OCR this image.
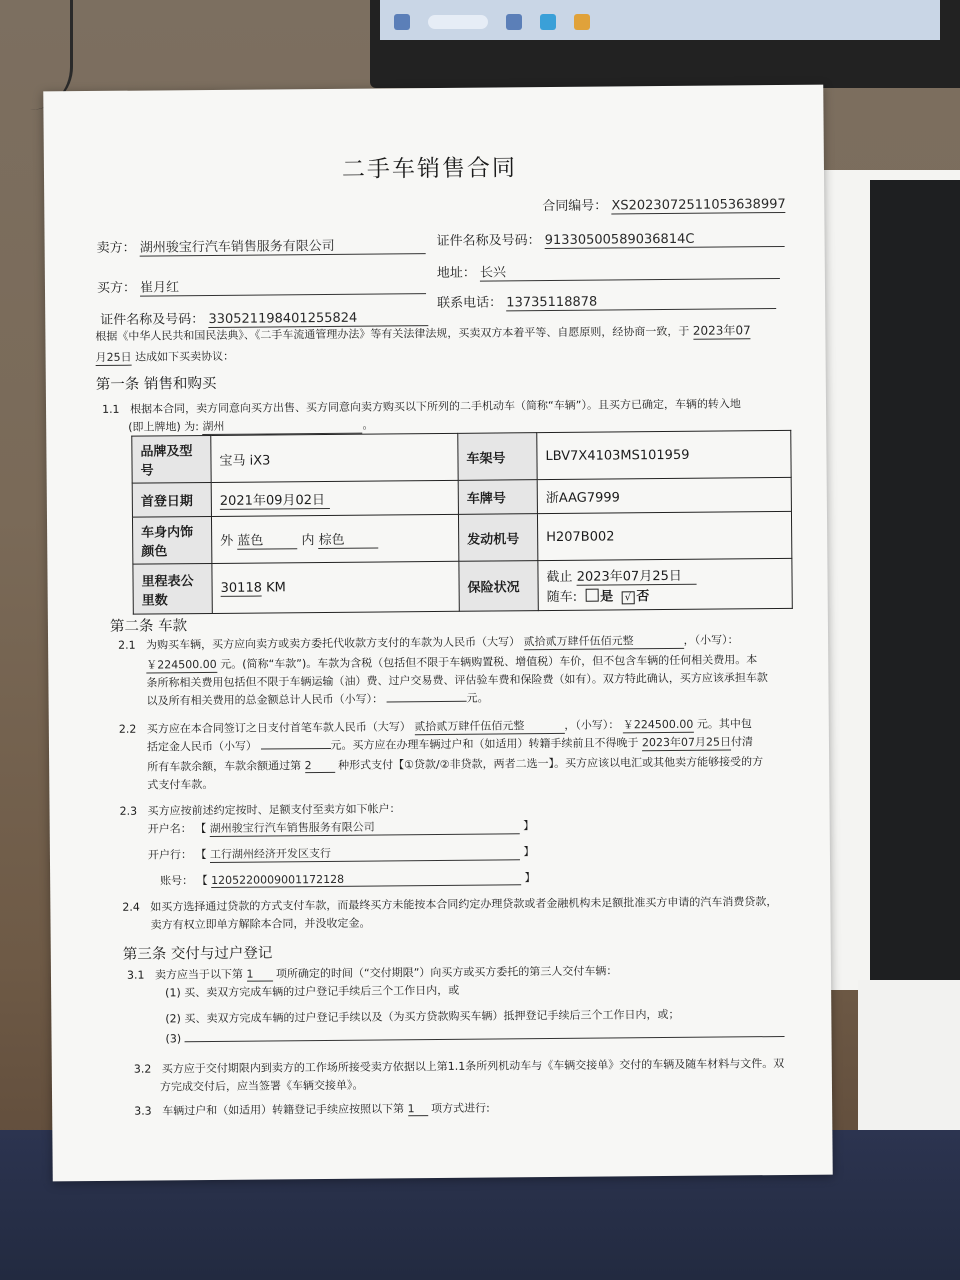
二手车销售合同
合同编号： XS2023072511053638997
卖方： 湖州骏宝行汽车销售服务有限公司	证件名称及号码： 91330500589036814C
买方： 崔月红
地址： 长兴
证件名称及号码： 330521198401255824
联系电话： 13735118878
根据《中华人民共和国民法典》、《二手车流通管理办法》等有关法律法规，买卖双方本着平等、自愿原则，经协商一致，于 2023年07
月25日 达成如下买卖协议：
第一条 销售和购买
1.1 根据本合同，卖方同意向买方出售、买方同意向卖方购买以下所列的二手机动车（简称“车辆”）。且买方已确定，车辆的转入地
(即上牌地) 为: 湖州	。
品牌及型号	宝马 iX3	车架号	LBV7X4103MS101959
首登日期	2021年09月02日	车牌号	浙AAG7999
车身内饰颜色	外 蓝色 内 棕色	发动机号	H207B002
里程表公里数	30118 KM	保险状况	截止 2023年07月25日
随车: 是 √ 否
第二条 车款
2.1 为购买车辆，买方应向卖方或卖方委托代收款方支付的车款为人民币（大写） 贰拾贰万肆仟伍佰元整	，（小写）：
￥224500.00 元。(简称“车款”)。车款为含税（包括但不限于车辆购置税、增值税）车价，但不包含车辆的任何相关费用。本
条所称相关费用包括但不限于车辆运输（油）费、过户交易费、评估验车费和保险费（如有）。双方特此确认，买方应该承担车款
以及所有相关费用的总金额总计人民币（小写）：	元。
2.2 买方应在本合同签订之日支付首笔车款人民币（大写） 贰拾贰万肆仟伍佰元整	，（小写）： ￥224500.00 元。其中包
括定金人民币（小写）	元。买方应在办理车辆过户和（如适用）转籍手续前且不得晚于 2023年07月25日付清
所有车款余额，车款余额通过第 2 种形式支付【①贷款/②非贷款，两者二选一】。买方应该以电汇或其他卖方能够接受的方
式支付车款。
2.3 买方应按前述约定按时、足额支付至卖方如下帐户：
开户名： 【 湖州骏宝行汽车销售服务有限公司	】
开户行： 【 工行湖州经济开发区支行	】
账号： 【 1205220009001172128	】
2.4 如买方选择通过贷款的方式支付车款，而最终买方未能按本合同约定办理贷款或者金融机构未足额批准买方申请的汽车消费贷款，
卖方有权立即单方解除本合同，并没收定金。
第三条 交付与过户登记
3.1 卖方应当于以下第 1 项所确定的时间（“交付期限”）向买方或买方委托的第三人交付车辆：
(1) 买、卖双方完成车辆的过户登记手续后三个工作日内，或
(2) 买、卖双方完成车辆的过户登记手续以及（为买方贷款购买车辆）抵押登记手续后三个工作日内，或；
(3)
3.2 买方应于交付期限内到卖方的工作场所接受卖方依据以上第1.1条所列机动车与《车辆交接单》交付的车辆及随车材料与文件。双
方完成交付后，应当签署《车辆交接单》。
3.3 车辆过户和（如适用）转籍登记手续应按照以下第 1 项方式进行:
